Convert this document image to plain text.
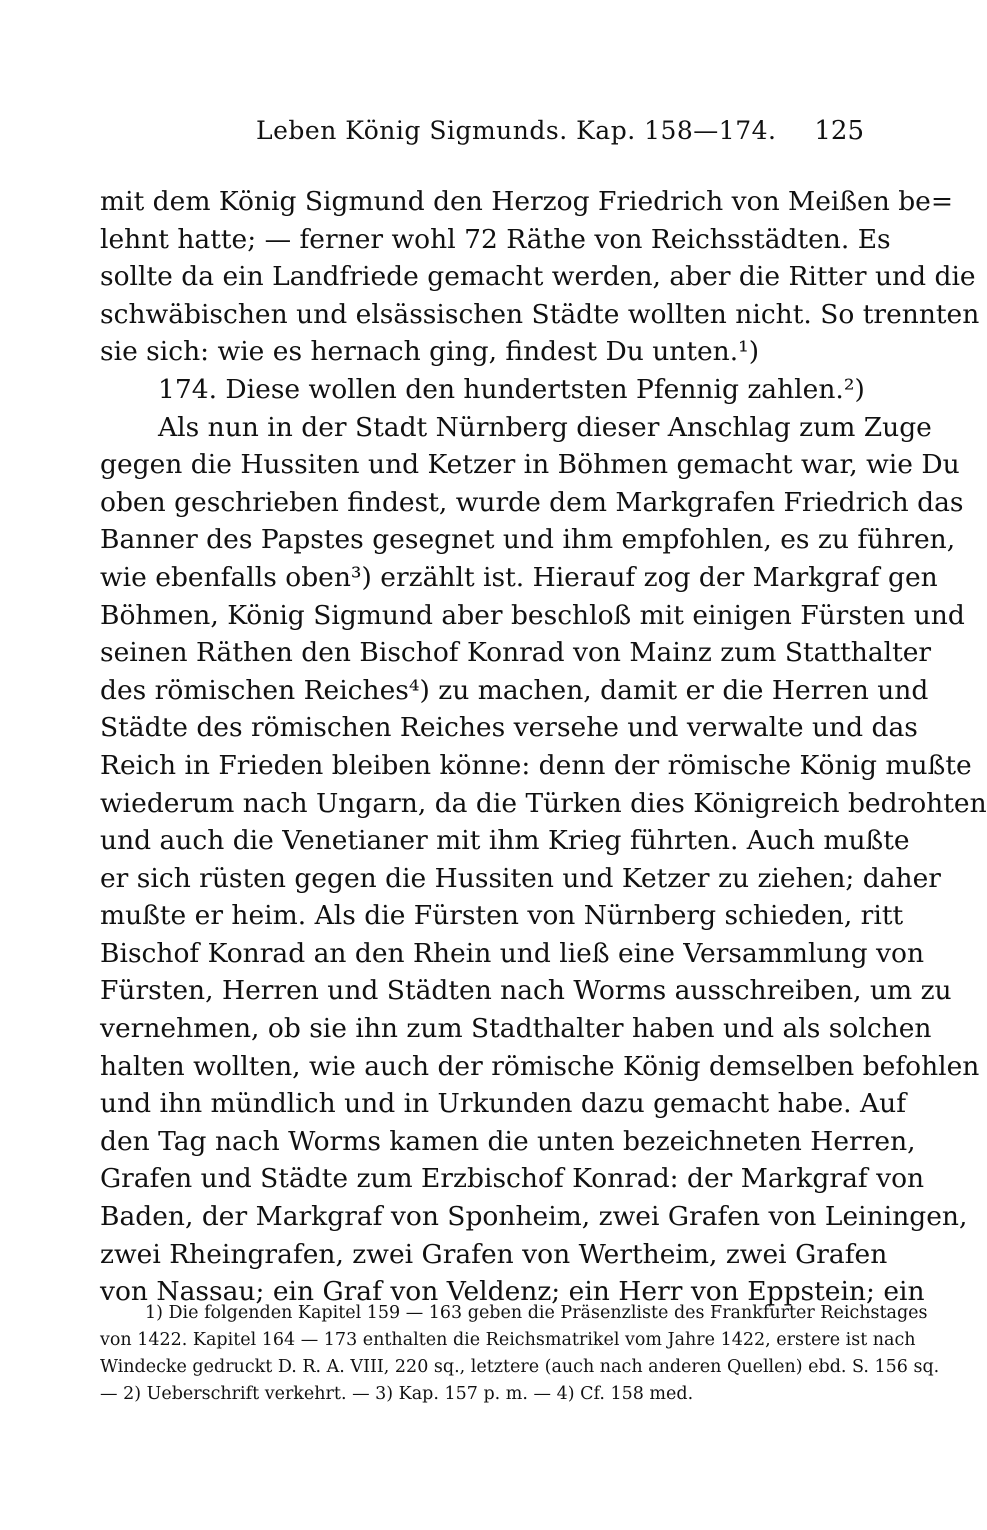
Leben König Sigmunds. Kap. 158—174. 125
mit dem König Sigmund den Herzog Friedrich von Meißen be=
lehnt hatte; — ferner wohl 72 Räthe von Reichsstädten. Es
sollte da ein Landfriede gemacht werden, aber die Ritter und die
schwäbischen und elsässischen Städte wollten nicht. So trennten
sie sich: wie es hernach ging, findest Du unten.¹)
174. Diese wollen den hundertsten Pfennig zahlen.²)
Als nun in der Stadt Nürnberg dieser Anschlag zum Zuge
gegen die Hussiten und Ketzer in Böhmen gemacht war, wie Du
oben geschrieben findest, wurde dem Markgrafen Friedrich das
Banner des Papstes gesegnet und ihm empfohlen, es zu führen,
wie ebenfalls oben³) erzählt ist. Hierauf zog der Markgraf gen
Böhmen, König Sigmund aber beschloß mit einigen Fürsten und
seinen Räthen den Bischof Konrad von Mainz zum Statthalter
des römischen Reiches⁴) zu machen, damit er die Herren und
Städte des römischen Reiches versehe und verwalte und das
Reich in Frieden bleiben könne: denn der römische König mußte
wiederum nach Ungarn, da die Türken dies Königreich bedrohten
und auch die Venetianer mit ihm Krieg führten. Auch mußte
er sich rüsten gegen die Hussiten und Ketzer zu ziehen; daher
mußte er heim. Als die Fürsten von Nürnberg schieden, ritt
Bischof Konrad an den Rhein und ließ eine Versammlung von
Fürsten, Herren und Städten nach Worms ausschreiben, um zu
vernehmen, ob sie ihn zum Stadthalter haben und als solchen
halten wollten, wie auch der römische König demselben befohlen
und ihn mündlich und in Urkunden dazu gemacht habe. Auf
den Tag nach Worms kamen die unten bezeichneten Herren,
Grafen und Städte zum Erzbischof Konrad: der Markgraf von
Baden, der Markgraf von Sponheim, zwei Grafen von Leiningen,
zwei Rheingrafen, zwei Grafen von Wertheim, zwei Grafen
von Nassau; ein Graf von Veldenz; ein Herr von Eppstein; ein
1) Die folgenden Kapitel 159 — 163 geben die Präsenzliste des Frankfurter Reichstages
von 1422. Kapitel 164 — 173 enthalten die Reichsmatrikel vom Jahre 1422, erstere ist nach
Windecke gedruckt D. R. A. VIII, 220 sq., letztere (auch nach anderen Quellen) ebd. S. 156 sq.
— 2) Ueberschrift verkehrt. — 3) Kap. 157 p. m. — 4) Cf. 158 med.
